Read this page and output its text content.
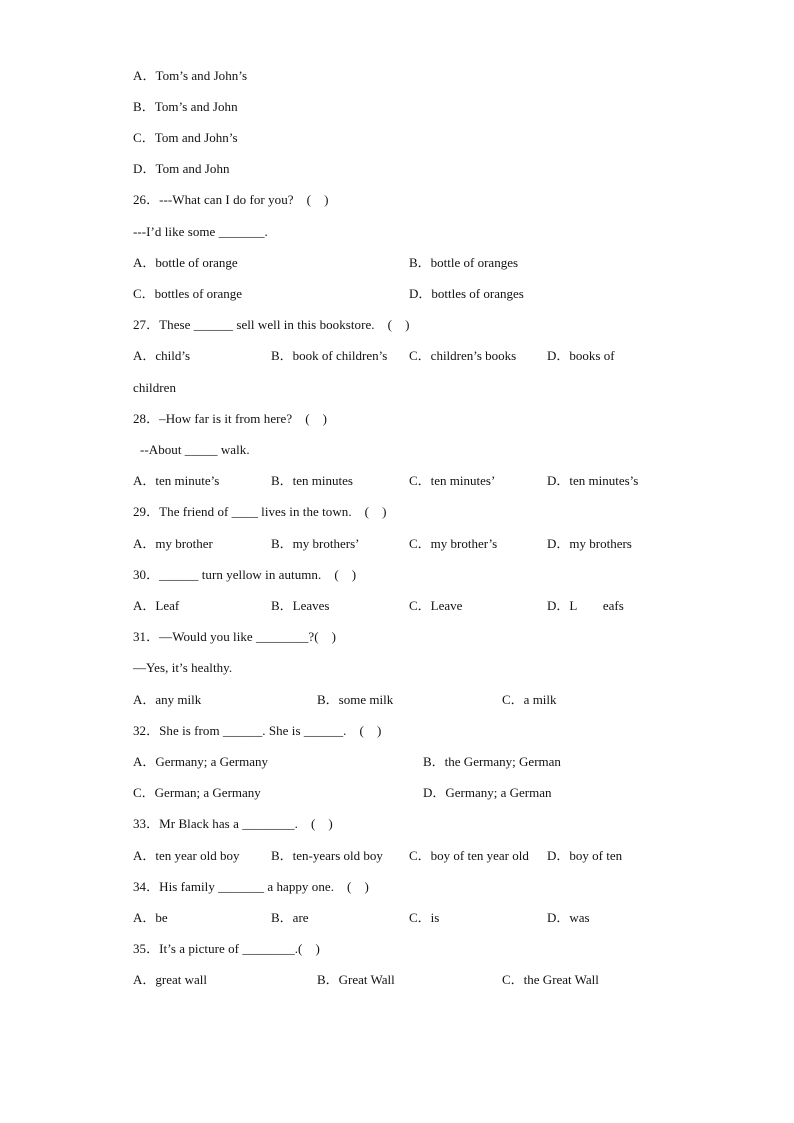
A．Tom’s and John’s
B．Tom’s and John
C．Tom and John’s
D．Tom and John
26．---What can I do for you?　(　)
---I’d like some _______.
A．bottle of orange	B．bottle of oranges
C．bottles of orange	D．bottles of oranges
27．These ______ sell well in this bookstore.　(　)
A．child’s	B．book of children’s C．children’s books D．books of
children
28．–How far is it from here?　(　)
--About _____ walk.
A．ten minute’s	B．ten minutes	C．ten minutes’	D．ten minutes’s
29．The friend of ____ lives in the town.　(　)
A．my brother	B．my brothers’	C．my brother’s	D．my brothers
30．______ turn yellow in autumn.　(　)
A．Leaf	B．Leaves	C．Leave	D．L　　eafs
31．—Would you like ________?(　)
—Yes, it’s healthy.
A．any milk	B．some milk	C．a milk
32．She is from ______. She is ______.　(　)
A．Germany; a Germany	B．the Germany; German
C．German; a Germany	D．Germany; a German
33．Mr Black has a ________.　(　)
A．ten year old boy B．ten-years old boy C．boy of ten year old D．boy of ten
34．His family _______ a happy one.　(　)
A．be	B．are	C．is	D．was
35．It’s a picture of ________.(　)
A．great wall	B．Great Wall	C．the Great Wall
